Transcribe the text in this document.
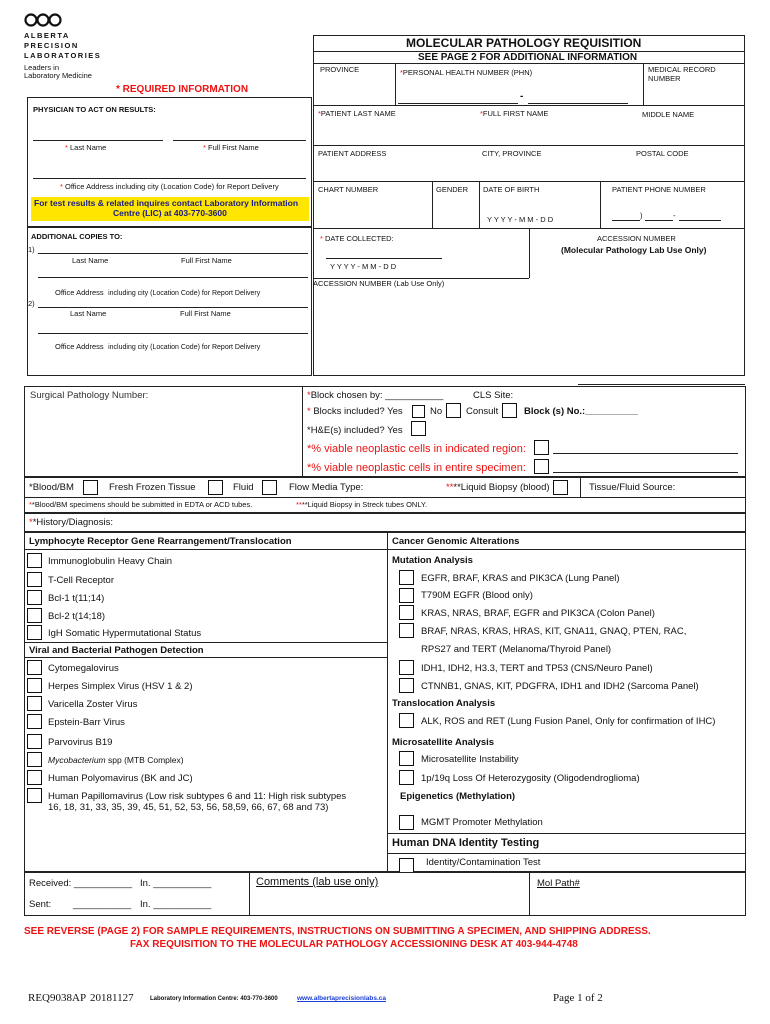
ALBERTA
PRECISION
LABORATORIES
Leaders in
Laboratory Medicine
* REQUIRED INFORMATION
MOLECULAR PATHOLOGY REQUISITION
SEE PAGE 2 FOR ADDITIONAL INFORMATION
PROVINCE	*PERSONAL HEALTH NUMBER (PHN)	MEDICAL RECORD
NUMBER
-
*PATIENT LAST NAME	*FULL FIRST NAME	MIDDLE NAME
PATIENT ADDRESS	CITY, PROVINCE	POSTAL CODE
CHART NUMBER	GENDER DATE OF BIRTH	PATIENT PHONE NUMBER
Y Y Y Y - M M - D D	)	-
* DATE COLLECTED:
Y Y Y Y - M M - D D
ACCESSION NUMBER
(Molecular Pathology Lab Use Only)
ACCESSION NUMBER (Lab Use Only)
PHYSICIAN TO ACT ON RESULTS:
* Last Name	* Full First Name
* Office Address including city (Location Code) for Report Delivery
For test results & related inquires contact Laboratory Information
Centre (LIC) at 403-770-3600
ADDITIONAL COPIES TO:
1)
Last Name	Full First Name
Office Address including city (Location Code) for Report Delivery
2)
Last Name	Full First Name
Office Address including city (Location Code) for Report Delivery
Surgical Pathology Number:	*Block chosen by: ___________	CLS Site:
* Blocks included? Yes	No	Consult	Block (s) No.:__________
*H&E(s) included? Yes
*% viable neoplastic cells in indicated region:
*% viable neoplastic cells in entire specimen:
*Blood/BM	Fresh Frozen Tissue	Fluid	Flow Media Type:	****Liquid Biopsy (blood)	Tissue/Fluid Source:
**Blood/BM specimens should be submitted in EDTA or ACD tubes.	****Liquid Biopsy in Streck tubes ONLY.
**History/Diagnosis:
Lymphocyte Receptor Gene Rearrangement/Translocation
Immunoglobulin Heavy Chain
T-Cell Receptor
Bcl-1 t(11;14)
Bcl-2 t(14;18)
IgH Somatic Hypermutational Status
Viral and Bacterial Pathogen Detection
Cytomegalovirus
Herpes Simplex Virus (HSV 1 & 2)
Varicella Zoster Virus
Epstein-Barr Virus
Parvovirus B19
Mycobacterium spp (MTB Complex)
Human Polyomavirus (BK and JC)
Human Papillomavirus (Low risk subtypes 6 and 11: High risk subtypes
16, 18, 31, 33, 35, 39, 45, 51, 52, 53, 56, 58,59, 66, 67, 68 and 73)
Cancer Genomic Alterations
Mutation Analysis
EGFR, BRAF, KRAS and PIK3CA (Lung Panel)
T790M EGFR (Blood only)
KRAS, NRAS, BRAF, EGFR and PIK3CA (Colon Panel)
BRAF, NRAS, KRAS, HRAS, KIT, GNA11, GNAQ, PTEN, RAC,
RPS27 and TERT (Melanoma/Thyroid Panel)
IDH1, IDH2, H3.3, TERT and TP53 (CNS/Neuro Panel)
CTNNB1, GNAS, KIT, PDGFRA, IDH1 and IDH2 (Sarcoma Panel)
Translocation Analysis
ALK, ROS and RET (Lung Fusion Panel, Only for confirmation of IHC)
Microsatellite Analysis
Microsatellite Instability
1p/19q Loss Of Heterozygosity (Oligodendroglioma)
Epigenetics (Methylation)
MGMT Promoter Methylation
Human DNA Identity Testing
Identity/Contamination Test
Received: ___________ In. ___________
Sent: ___________ In. ___________
Comments (lab use only)	Mol Path#
SEE REVERSE (PAGE 2) FOR SAMPLE REQUIREMENTS, INSTRUCTIONS ON SUBMITTING A SPECIMEN, AND SHIPPING ADDRESS.
FAX REQUISITION TO THE MOLECULAR PATHOLOGY ACCESSIONING DESK AT 403-944-4748
REQ9038AP 20181127	Laboratory Information Centre: 403-770-3600	www.albertaprecisionlabs.ca	Page 1 of 2
